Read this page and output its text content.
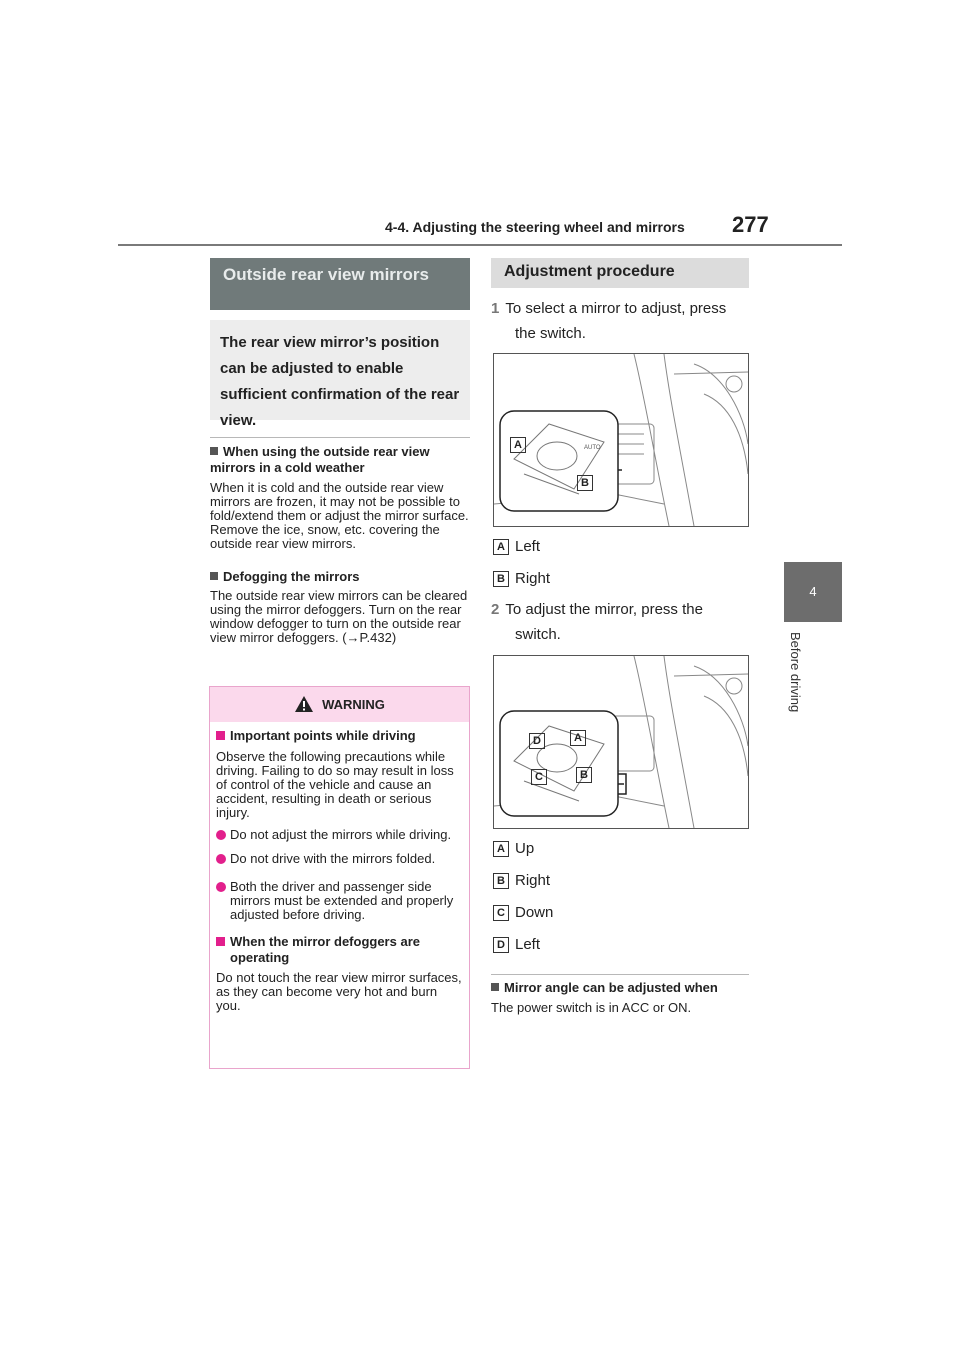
4-4. Adjusting the steering wheel and mirrors 277
4
Before driving
Outside rear view mirrors
The rear view mirror’s position can be adjusted to enable sufficient confirmation of the rear view.
When using the outside rear view mirrors in a cold weather
When it is cold and the outside rear view mirrors are frozen, it may not be possible to fold/extend them or adjust the mirror surface. Remove the ice, snow, etc. covering the outside rear view mirrors.
Defogging the mirrors
The outside rear view mirrors can be cleared using the mirror defoggers. Turn on the rear window defogger to turn on the outside rear view mirror defoggers. (→P.432)
WARNING
Important points while driving
Observe the following precautions while driving. Failing to do so may result in loss of control of the vehicle and cause an accident, resulting in death or serious injury.
Do not adjust the mirrors while driving.
Do not drive with the mirrors folded.
Both the driver and passenger side mirrors must be extended and properly adjusted before driving.
When the mirror defoggers are operating
Do not touch the rear view mirror surfaces, as they can become very hot and burn you.
Adjustment procedure
1 To select a mirror to adjust, press the switch.
AUTO
A
B
A Left
B Right
2 To adjust the mirror, press the switch.
D	A
C	B
A Up
B Right
C Down
D Left
Mirror angle can be adjusted when
The power switch is in ACC or ON.
